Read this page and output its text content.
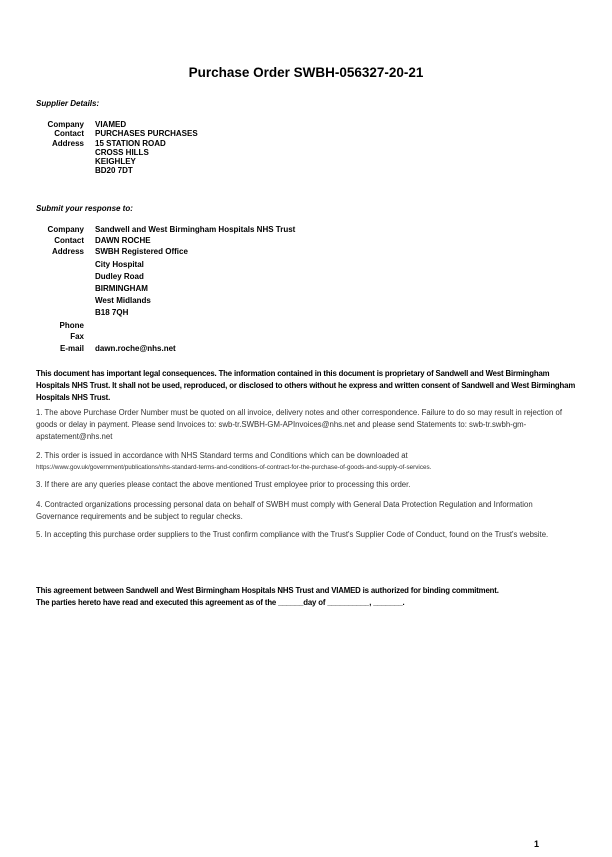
Purchase Order SWBH-056327-20-21
Supplier Details:
Company VIAMED
Contact PURCHASES PURCHASES
Address 15 STATION ROAD
CROSS HILLS
KEIGHLEY
BD20 7DT
Submit your response to:
Company Sandwell and West Birmingham Hospitals NHS Trust
Contact DAWN ROCHE
Address SWBH Registered Office
City Hospital
Dudley Road
BIRMINGHAM
West Midlands
B18 7QH
Phone
Fax
E-mail dawn.roche@nhs.net
This document has important legal consequences. The information contained in this document is proprietary of Sandwell and West Birmingham Hospitals NHS Trust. It shall not be used, reproduced, or disclosed to others without he express and written consent of Sandwell and West Birmingham Hospitals NHS Trust.
1. The above Purchase Order Number must be quoted on all invoice, delivery notes and other correspondence. Failure to do so may result in rejection of goods or delay in payment. Please send Invoices to: swb-tr.SWBH-GM-APInvoices@nhs.net and please send Statements to: swb-tr.swbh-gm-apstatement@nhs.net
2. This order is issued in accordance with NHS Standard terms and Conditions which can be downloaded at
https://www.gov.uk/government/publications/nhs-standard-terms-and-conditions-of-contract-for-the-purchase-of-goods-and-supply-of-services.
3. If there are any queries please contact the above mentioned Trust employee prior to processing this order.
4. Contracted organizations processing personal data on behalf of SWBH must comply with General Data Protection Regulation and Information Governance requirements and be subject to regular checks.
5. In accepting this purchase order suppliers to the Trust confirm compliance with the Trust's Supplier Code of Conduct, found on the Trust's website.
This agreement between Sandwell and West Birmingham Hospitals NHS Trust and VIAMED is authorized for binding commitment.
The parties hereto have read and executed this agreement as of the ______day of __________, _______.
1
